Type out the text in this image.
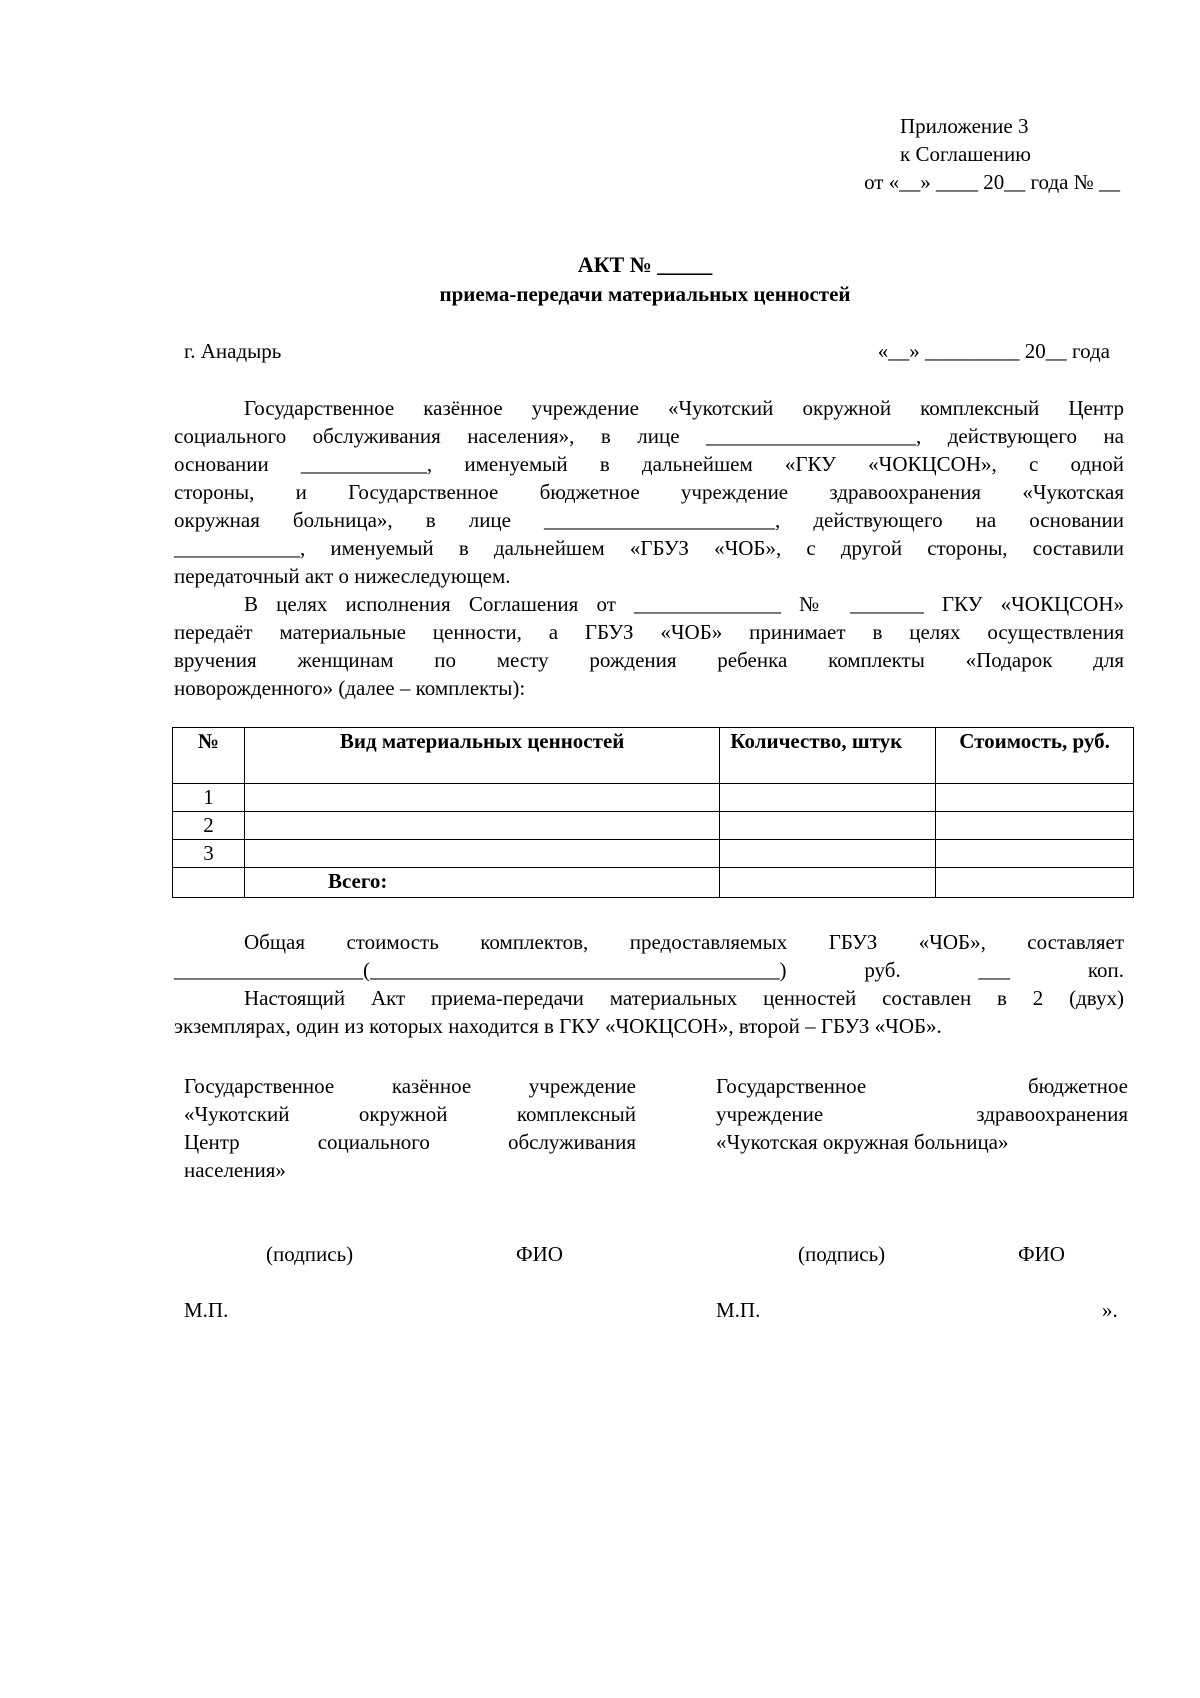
Приложение 3
к Соглашению
от «__» ____ 20__ года № __
АКТ № _____
приема-передачи материальных ценностей
г. Анадырь	«__» _________ 20__ года
Государственное казённое учреждение «Чукотский окружной комплексный Центр
социального обслуживания населения», в лице ____________________, действующего на
основании ____________, именуемый в дальнейшем «ГКУ «ЧОКЦСОН», с одной
стороны, и Государственное бюджетное учреждение здравоохранения «Чукотская
окружная больница», в лице ______________________, действующего на основании
____________, именуемый в дальнейшем «ГБУЗ «ЧОБ», с другой стороны, составили
передаточный акт о нижеследующем.
В целях исполнения Соглашения от ______________ № _______ ГКУ «ЧОКЦСОН»
передаёт материальные ценности, а ГБУЗ «ЧОБ» принимает в целях осуществления
вручения женщинам по месту рождения ребенка комплекты «Подарок для
новорожденного» (далее – комплекты):
№	Вид материальных ценностей	Количество, штук	Стоимость, руб.
1			
2			
3			
	Всего:		
Общая стоимость комплектов, предоставляемых ГБУЗ «ЧОБ», составляет
__________________(_______________________________________) руб. ___ коп.
Настоящий Акт приема-передачи материальных ценностей составлен в 2 (двух)
экземплярах, один из которых находится в ГКУ «ЧОКЦСОН», второй – ГБУЗ «ЧОБ».
Государственное казённое учреждение
«Чукотский окружной комплексный
Центр социального обслуживания
населения»
Государственное бюджетное
учреждение здравоохранения
«Чукотская окружная больница»
(подпись)	ФИО	(подпись)	ФИО
М.П.	М.П.	».
